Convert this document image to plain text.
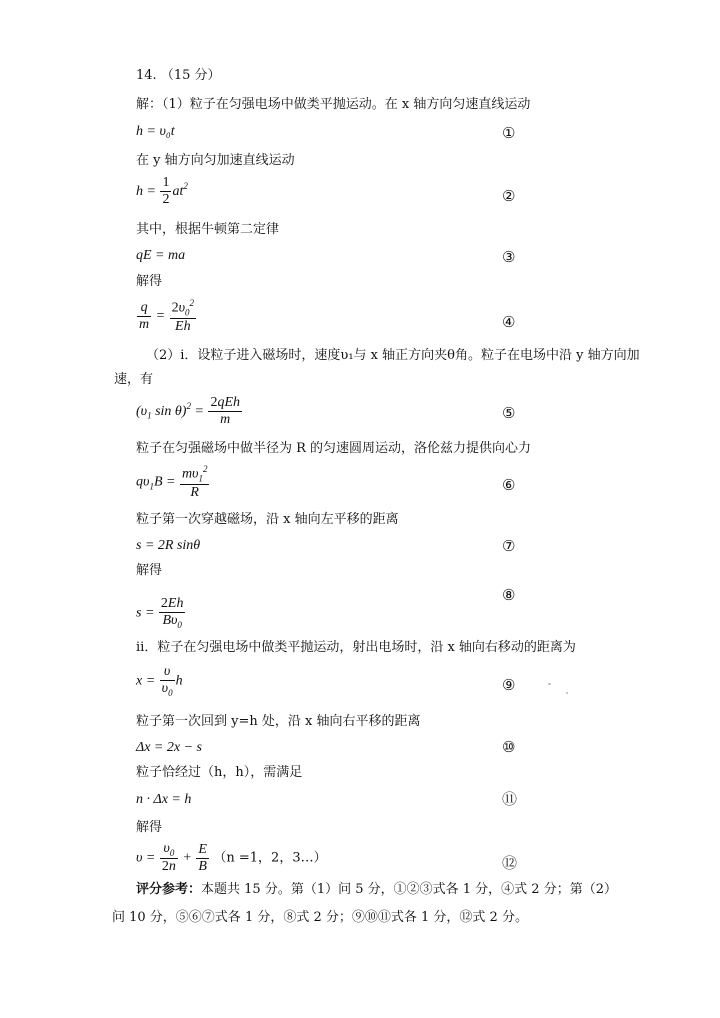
14. （15 分）
解：（1）粒子在匀强电场中做类平抛运动。在 x 轴方向匀速直线运动
h = υ₀t	①
在 y 轴方向匀加速直线运动
$h = \frac{1}{2} at^2$
②
其中，根据牛顿第二定律
qE = ma	③
解得
$\frac{q}{m} = \frac{2\upsilon_0^2}{Eh}$	④
（2）ⅰ．设粒子进入磁场时，速度υ₁与 x 轴正方向夹θ角。粒子在电场中沿 y 轴方向加
速，有
($\upsilon_1$ $\sin \theta)^2 = \frac{\text{2qEh}}{m}$	⑤
粒子在匀强磁场中做半径为 R 的匀速圆周运动，洛伦兹力提供向心力
$q\upsilon_1B = \frac{m\upsilon_1^2}{R}$	⑥
粒子第一次穿越磁场，沿 x 轴向左平移的距离
s = 2R sinθ	⑦
解得
⑧
$s = \frac{2Eh}{B\upsilon_0}$
ⅱ．粒子在匀强电场中做类平抛运动，射出电场时，沿 x 轴向右移动的距离为
$x = \frac{\upsilon}{\upsilon_0}$ h	⑨
粒子第一次回到 y=h 处，沿 x 轴向右平移的距离
Δx = 2x − s	⑩
粒子恰经过（h，h），需满足
n · Δx = h	⑪
解得
$\upsilon = \frac{\upsilon_0}{2n} + \frac{E}{B} (n =1$，2，3…）	⑫
评分参考：本题共 15 分。第（1）问 5 分，①②③式各 1 分，④式 2 分；第（2）
问 10 分，⑤⑥⑦式各 1 分，⑧式 2 分；⑨⑩⑪式各 1 分，⑫式 2 分。
